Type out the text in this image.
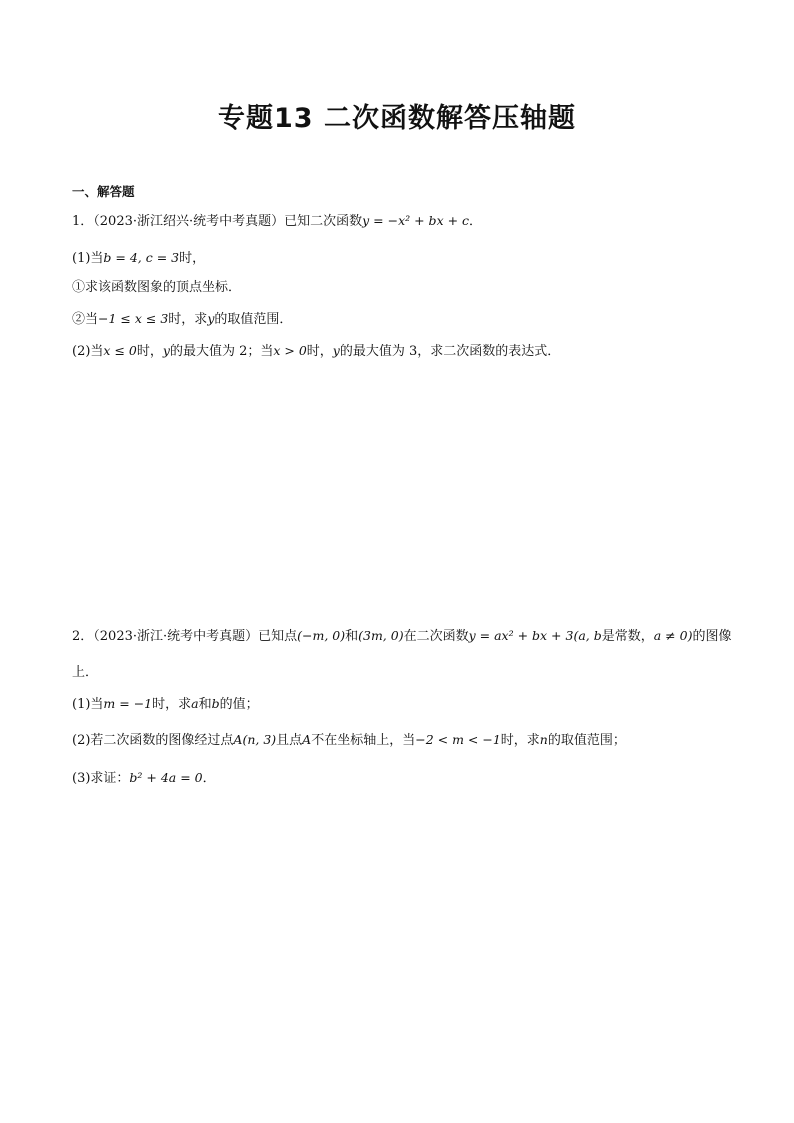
专题13 二次函数解答压轴题
一、解答题
1．（2023·浙江绍兴·统考中考真题）已知二次函数y = −x² + bx + c．
(1)当b = 4, c = 3时，
①求该函数图象的顶点坐标．
②当−1 ≤ x ≤ 3时，求y的取值范围．
(2)当x ≤ 0时，y的最大值为 2；当x > 0时，y的最大值为 3，求二次函数的表达式．
2．（2023·浙江·统考中考真题）已知点(−m, 0)和(3m, 0)在二次函数y = ax² + bx + 3(a, b是常数，a ≠ 0)的图像
上．
(1)当m = −1时，求a和b的值；
(2)若二次函数的图像经过点A(n, 3)且点A不在坐标轴上，当−2 < m < −1时，求n的取值范围；
(3)求证：b² + 4a = 0．
